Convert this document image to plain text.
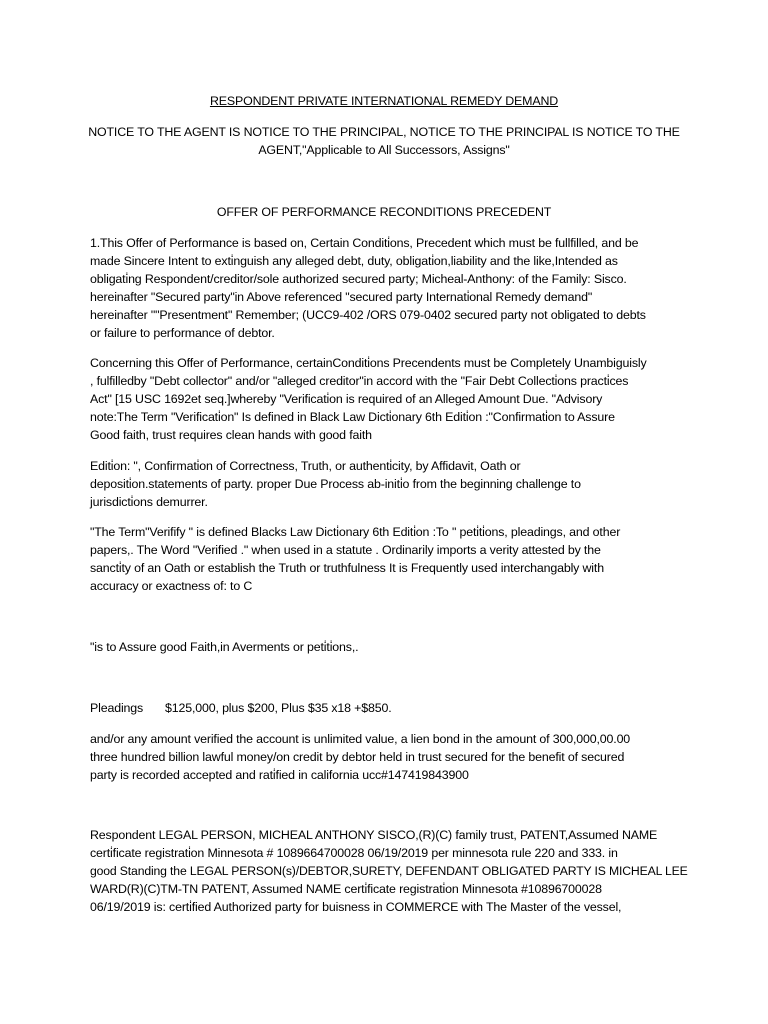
RESPONDENT PRIVATE INTERNATIONAL REMEDY DEMAND
NOTICE TO THE AGENT IS NOTICE TO THE PRINCIPAL, NOTICE TO THE PRINCIPAL IS NOTICE TO THE
AGENT,"Applicable to All Successors, Assigns"
OFFER OF PERFORMANCE RECONDITIONS PRECEDENT
1.This Offer of Performance is based on, Certain Conditi̇ons, Precedent which must be fullfilled, and be
made Sincere Intent to exti̇nguish any alleged debt, duty, obligati̇on,liability and the like,Intended as
obligati̇ng Respondent/creditor/sole authorized secured party; Micheal-Anthony: of the Family: Sisco.
hereinafter "Secured party"in Above referenced "secured party Internati̇onal Remedy demand"
hereinafter ""Presentment" Remember; (UCC9-402 /ORS 079-0402 secured party not obligated to debts
or failure to performance of debtor.
Concerning this Offer of Performance, certainConditi̇ons Precendents must be Completely Unambiguisly
, fulfilledby "Debt collector" and/or "alleged creditor"in accord with the "Fair Debt Collecti̇ons practi̇ces
Act" [15 USC 1692et seq.]whereby "Verificati̇on is required of an Alleged Amount Due. "Advisory
note:The Term "Verificati̇on" Is defined in Black Law Dicti̇onary 6th Editi̇on :"Confirmati̇on to Assure
Good faith, trust requires clean hands with good faith
Editi̇on: ", Confirmati̇on of Correctness, Truth, or authenti̇city, by Affidavit, Oath or
depositi̇on.statements of party. proper Due Process ab-initi̇o from the beginning challenge to
jurisdicti̇ons demurrer.
"The Term"Verifify " is defined Blacks Law Dicti̇onary 6th Editi̇on :To " peti̇ti̇ons, pleadings, and other
papers,. The Word "Verified ." when used in a statute . Ordinarily imports a verity attested by the
sancti̇ty of an Oath or establish the Truth or truthfulness It is Frequently used interchangably with
accuracy or exactness of: to C
"is to Assure good Faith,in Averments or peti̇ti̇ons,.
Pleadings $125,000, plus $200, Plus $35 x18 +$850.
and/or any amount verified the account is unlimited value, a lien bond in the amount of 300,000,00.00
three hundred billion lawful money/on credit by debtor held in trust secured for the benefit of secured
party is recorded accepted and rati̇fied in california ucc#147419843900
Respondent LEGAL PERSON, MICHEAL ANTHONY SISCO,(R)(C) family trust, PATENT,Assumed NAME
certi̇ficate registrati̇on Minnesota # 1089664700028 06/19/2019 per minnesota rule 220 and 333. in
good Standing the LEGAL PERSON(s)/DEBTOR,SURETY, DEFENDANT OBLIGATED PARTY IS MICHEAL LEE
WARD(R)(C)TM-TN PATENT, Assumed NAME certi̇ficate registrati̇on Minnesota #10896700028
06/19/2019 is: certi̇fied Authorized party for buisness in COMMERCE with The Master of the vessel,
